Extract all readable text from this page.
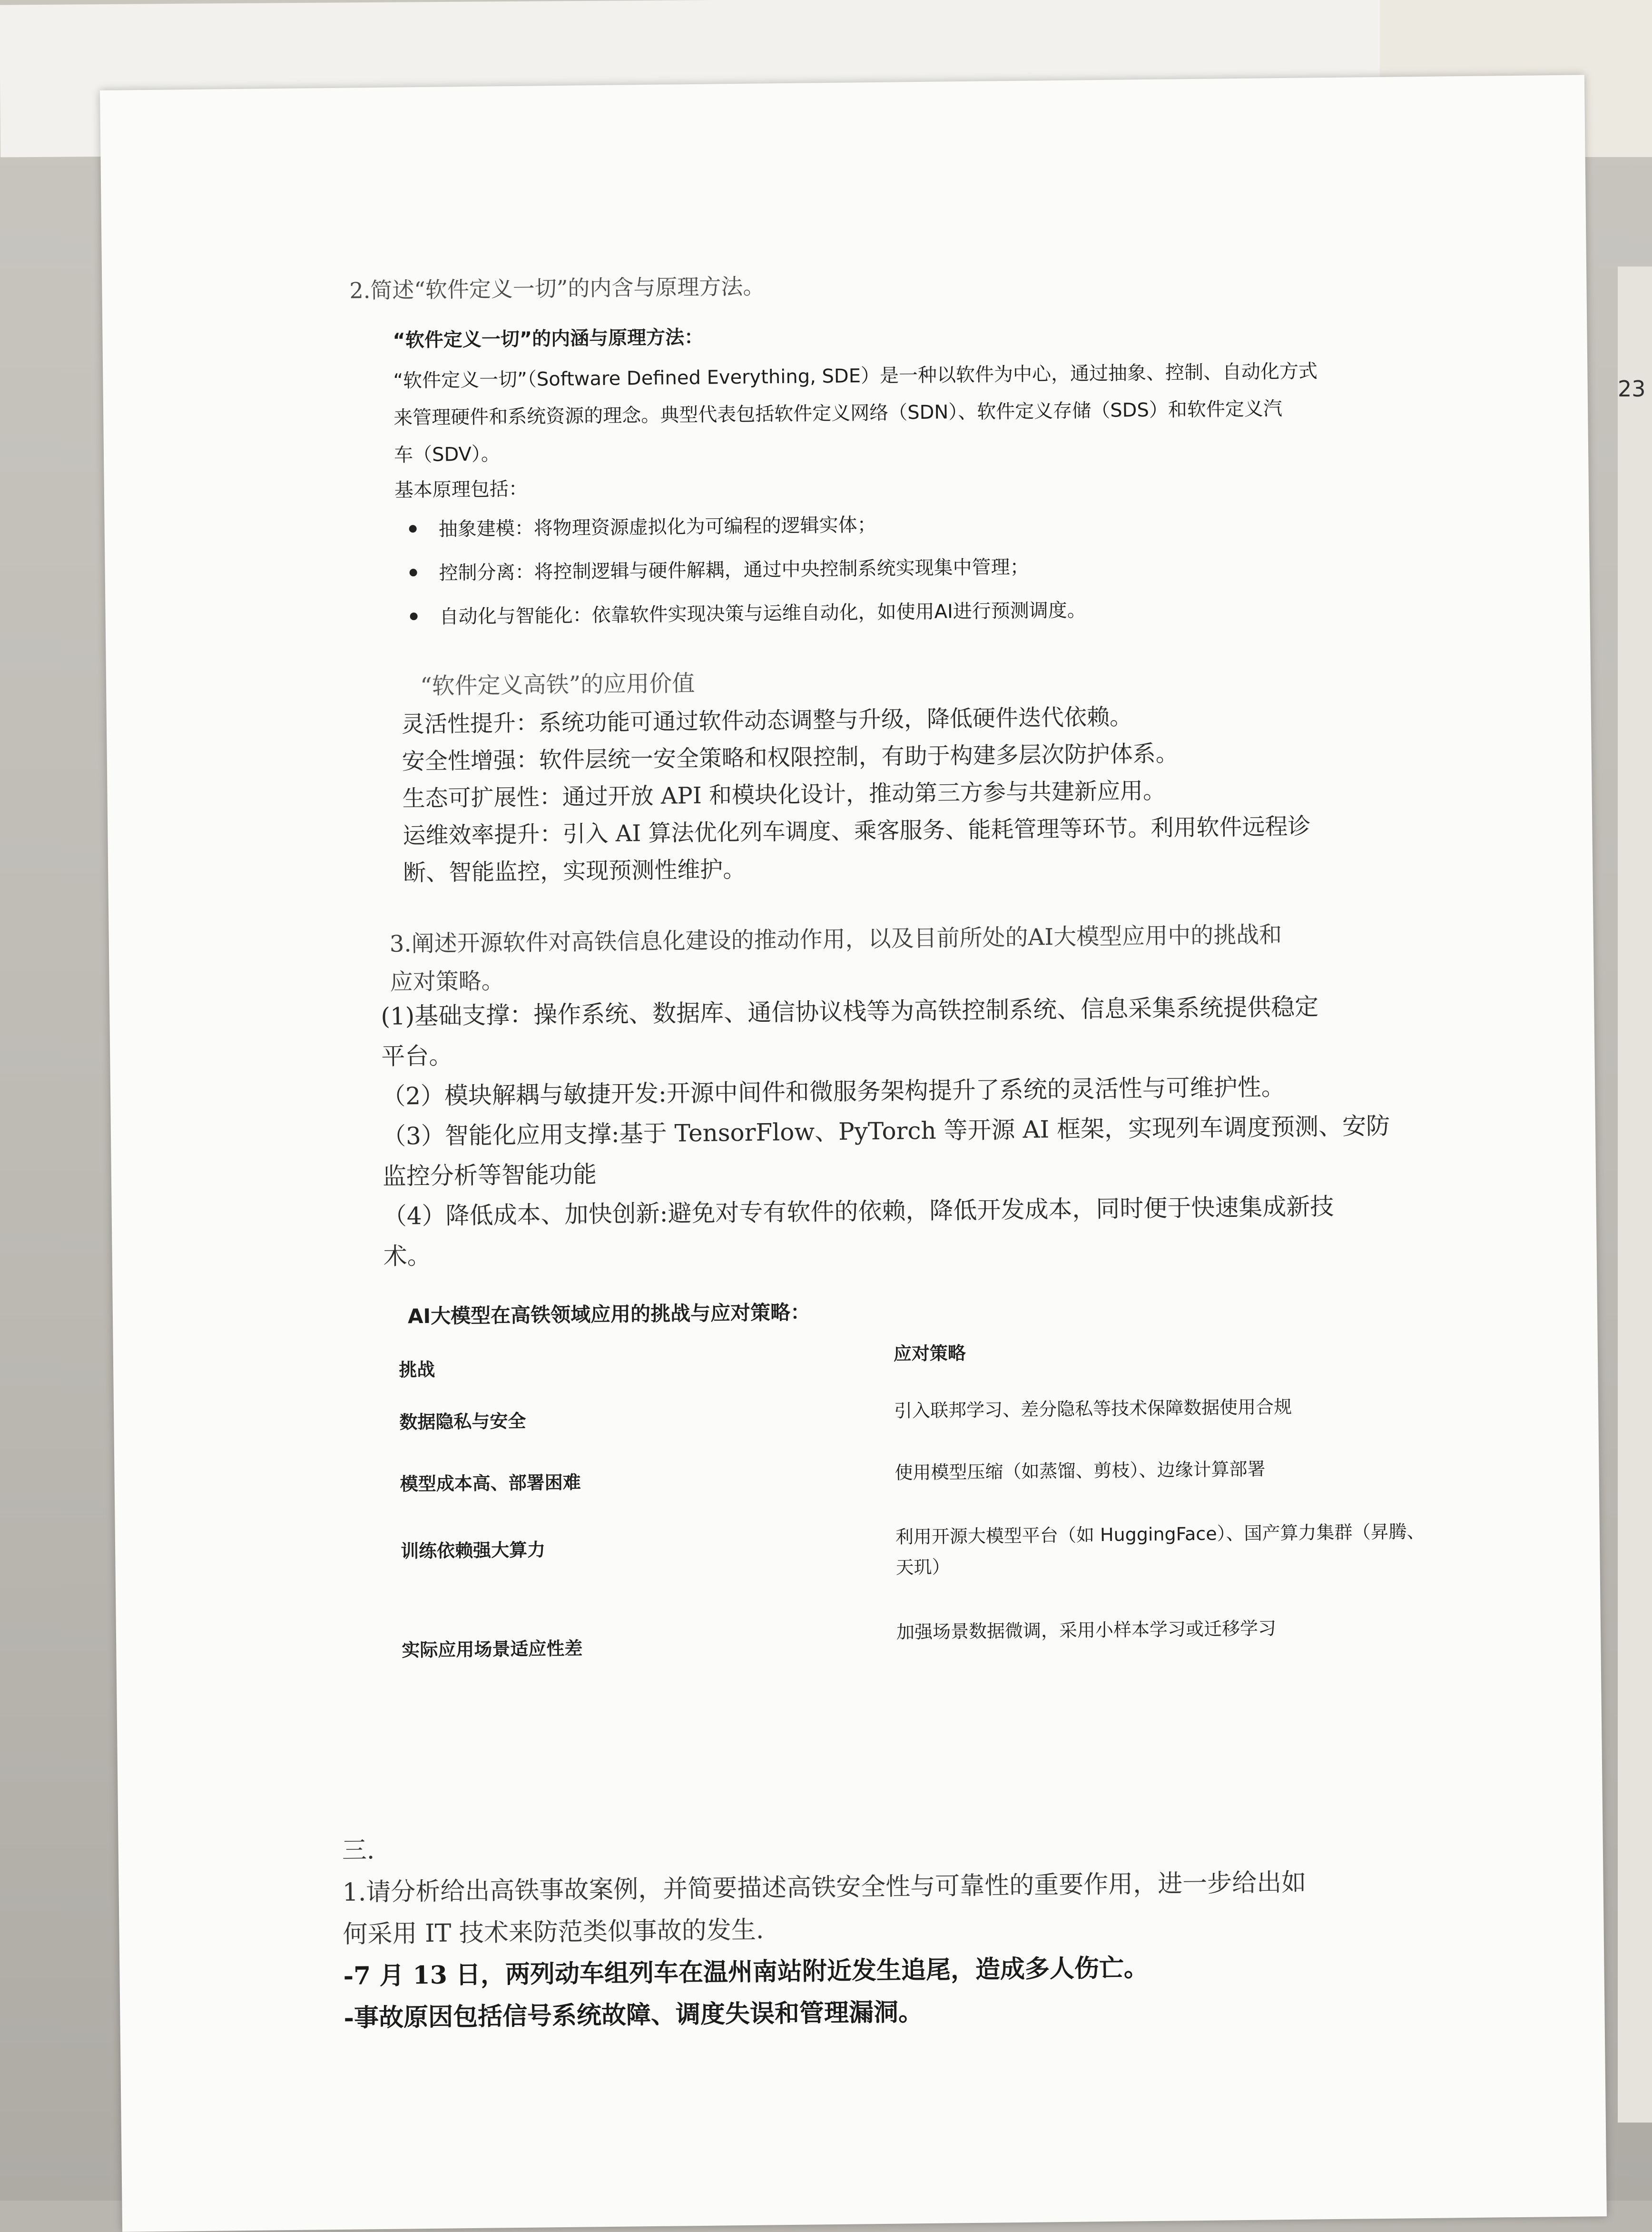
23
2.简述“软件定义一切”的内含与原理方法。
“软件定义一切”的内涵与原理方法：
“软件定义一切”（Software Defined Everything, SDE）是一种以软件为中心，通过抽象、控制、自动化方式
来管理硬件和系统资源的理念。典型代表包括软件定义网络（SDN）、软件定义存储（SDS）和软件定义汽
车（SDV）。
基本原理包括：
抽象建模：将物理资源虚拟化为可编程的逻辑实体；
控制分离：将控制逻辑与硬件解耦，通过中央控制系统实现集中管理；
自动化与智能化：依靠软件实现决策与运维自动化，如使用AI进行预测调度。
“软件定义高铁”的应用价值
灵活性提升：系统功能可通过软件动态调整与升级，降低硬件迭代依赖。
安全性增强：软件层统一安全策略和权限控制，有助于构建多层次防护体系。
生态可扩展性：通过开放 API 和模块化设计，推动第三方参与共建新应用。
运维效率提升：引入 AI 算法优化列车调度、乘客服务、能耗管理等环节。利用软件远程诊
断、智能监控，实现预测性维护。
3.阐述开源软件对高铁信息化建设的推动作用，以及目前所处的AI大模型应用中的挑战和
应对策略。
(1)基础支撑：操作系统、数据库、通信协议栈等为高铁控制系统、信息采集系统提供稳定
平台。
（2）模块解耦与敏捷开发:开源中间件和微服务架构提升了系统的灵活性与可维护性。
（3）智能化应用支撑:基于 TensorFlow、PyTorch 等开源 AI 框架，实现列车调度预测、安防
监控分析等智能功能
（4）降低成本、加快创新:避免对专有软件的依赖，降低开发成本，同时便于快速集成新技
术。
AI大模型在高铁领域应用的挑战与应对策略：
挑战
应对策略
数据隐私与安全
引入联邦学习、差分隐私等技术保障数据使用合规
模型成本高、部署困难	使用模型压缩（如蒸馏、剪枝）、边缘计算部署
训练依赖强大算力
利用开源大模型平台（如 HuggingFace）、国产算力集群（昇腾、天玑）
实际应用场景适应性差
加强场景数据微调，采用小样本学习或迁移学习
三.
1.请分析给出高铁事故案例，并简要描述高铁安全性与可靠性的重要作用，进一步给出如
何采用 IT 技术来防范类似事故的发生.
-7 月 13 日，两列动车组列车在温州南站附近发生追尾，造成多人伤亡。
-事故原因包括信号系统故障、调度失误和管理漏洞。
